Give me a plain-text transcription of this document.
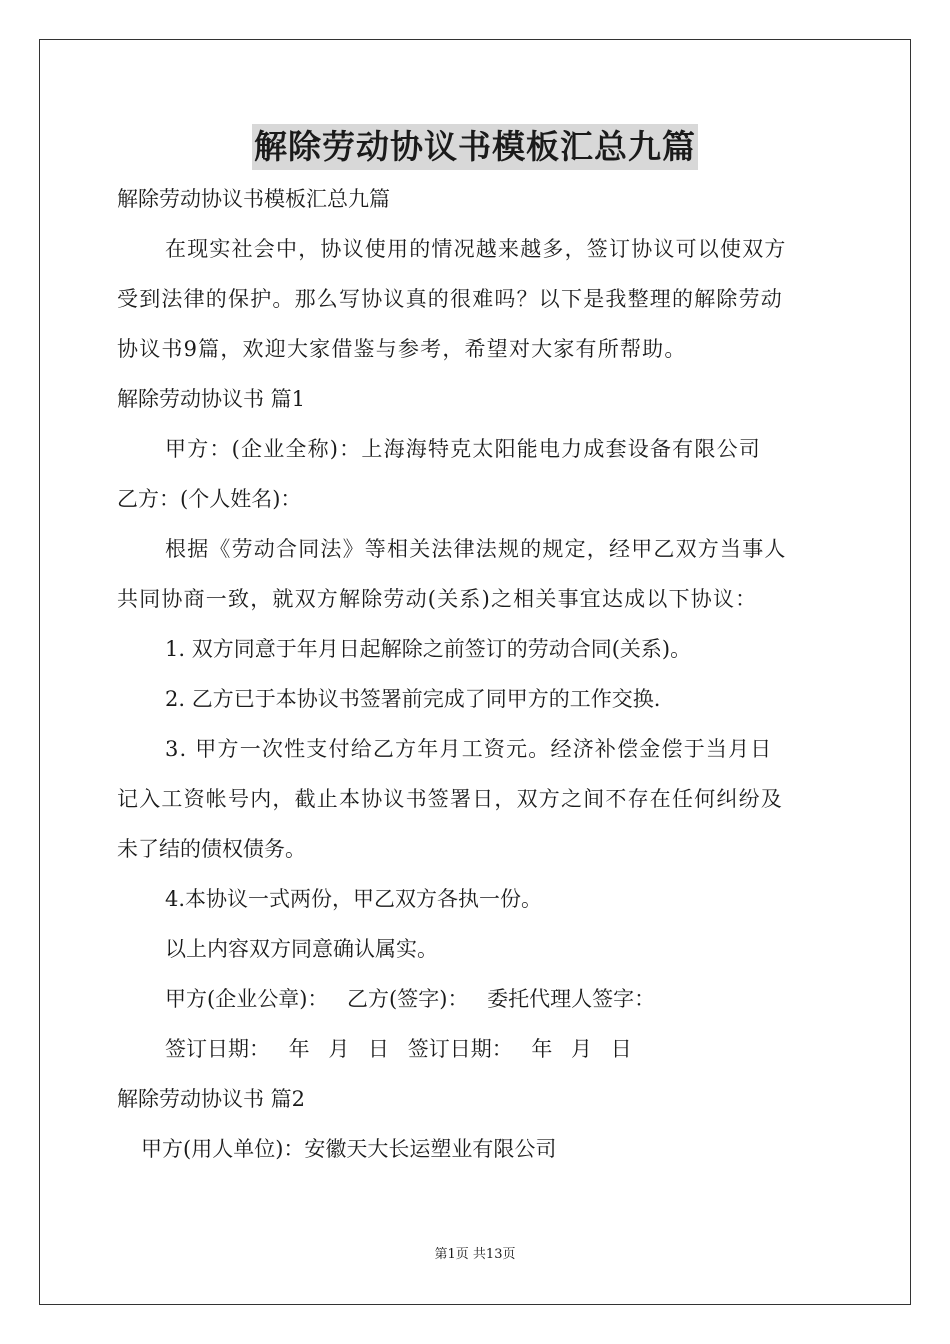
解除劳动协议书模板汇总九篇
解除劳动协议书模板汇总九篇
在现实社会中，协议使用的情况越来越多，签订协议可以使双方
受到法律的保护。那么写协议真的很难吗？以下是我整理的解除劳动
协议书9篇，欢迎大家借鉴与参考，希望对大家有所帮助。
解除劳动协议书 篇1
甲方：(企业全称)：上海海特克太阳能电力成套设备有限公司
乙方：(个人姓名)：
根据《劳动合同法》等相关法律法规的规定，经甲乙双方当事人
共同协商一致，就双方解除劳动(关系)之相关事宜达成以下协议：
1. 双方同意于年月日起解除之前签订的劳动合同(关系)。
2. 乙方已于本协议书签署前完成了同甲方的工作交换.
3. 甲方一次性支付给乙方年月工资元。经济补偿金偿于当月日
记入工资帐号内，截止本协议书签署日，双方之间不存在任何纠纷及
未了结的债权债务。
4.本协议一式两份，甲乙双方各执一份。
以上内容双方同意确认属实。
甲方(企业公章)： 乙方(签字)： 委托代理人签字：
签订日期： 年 月 日 签订日期： 年 月 日
解除劳动协议书 篇2
甲方(用人单位)：安徽天大长运塑业有限公司
第1页 共13页
